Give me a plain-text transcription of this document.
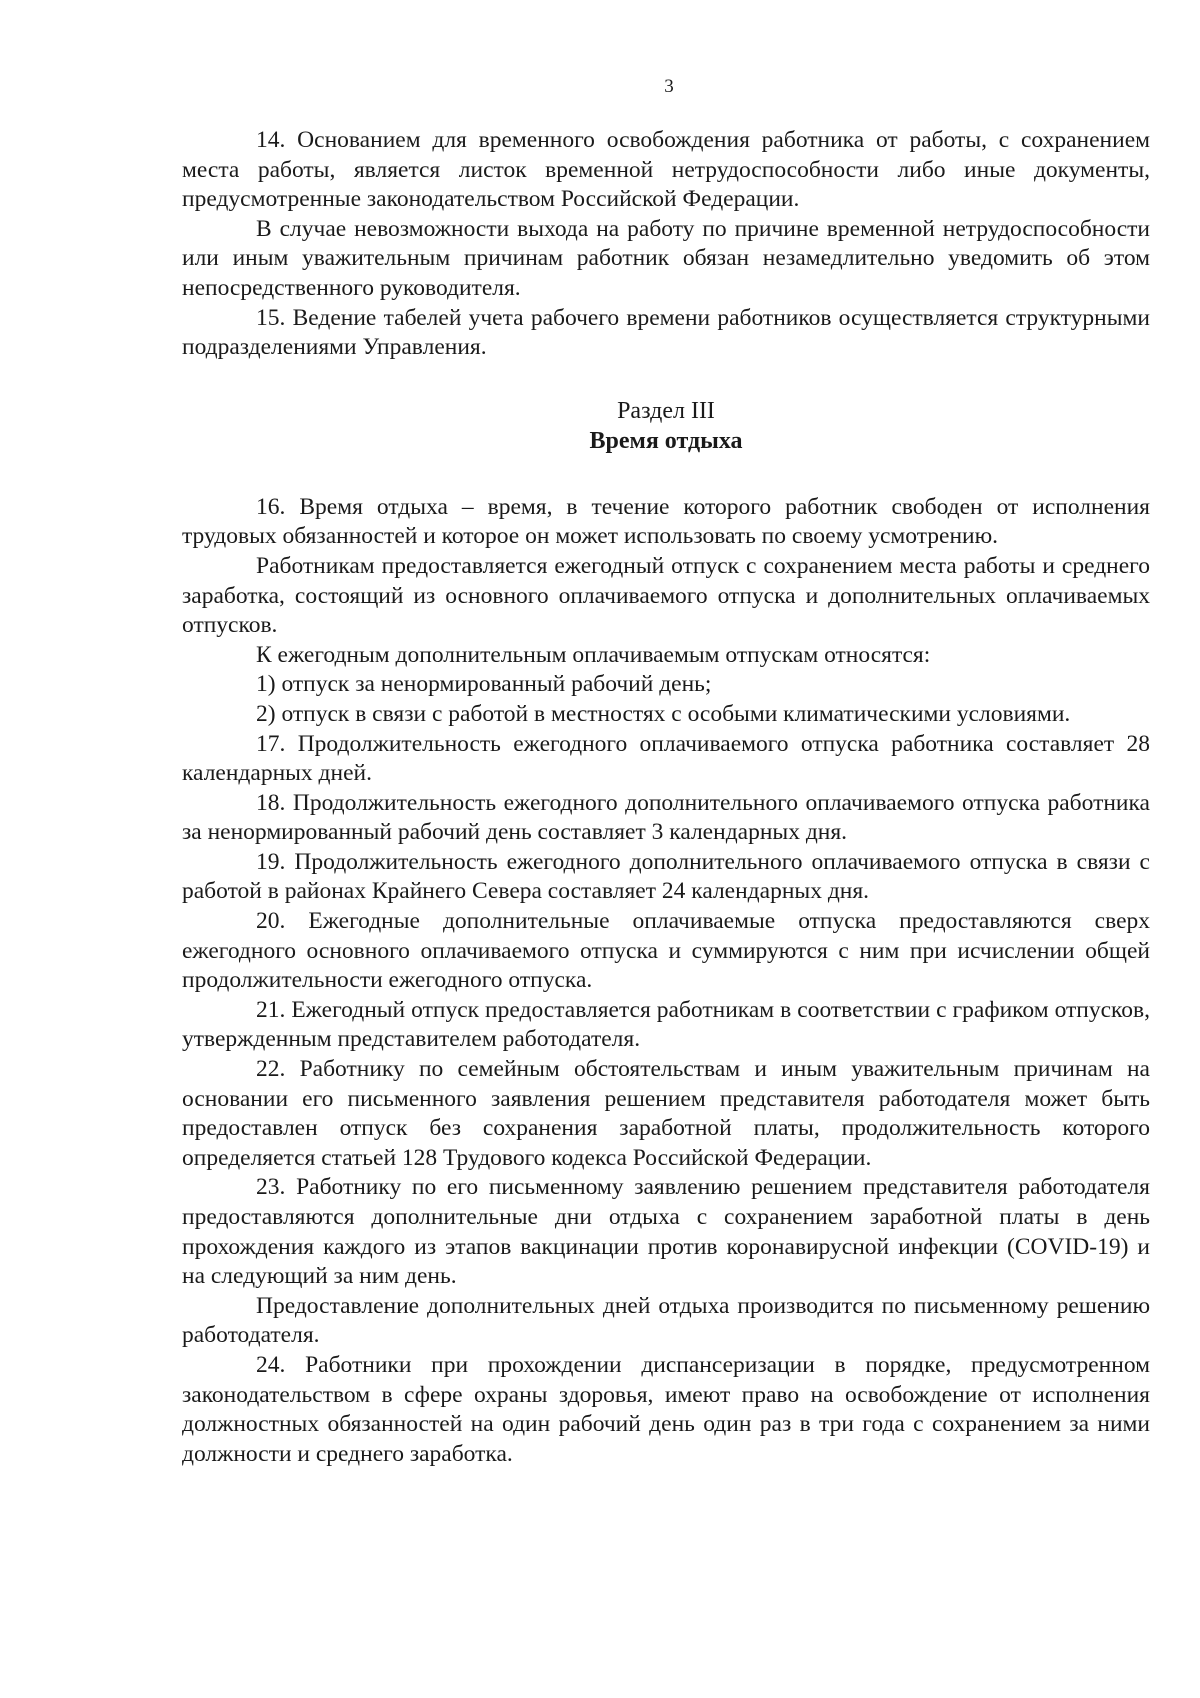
3

14. Основанием для временного освобождения работника от работы, с сохранением места работы, является листок временной нетрудоспособности либо иные документы, предусмотренные законодательством Российской Федерации.

В случае невозможности выхода на работу по причине временной нетрудоспособности или иным уважительным причинам работник обязан незамедлительно уведомить об этом непосредственного руководителя.

15. Ведение табелей учета рабочего времени работников осуществляется структурными подразделениями Управления.

Раздел III
Время отдыха

16. Время отдыха – время, в течение которого работник свободен от исполнения трудовых обязанностей и которое он может использовать по своему усмотрению.

Работникам предоставляется ежегодный отпуск с сохранением места работы и среднего заработка, состоящий из основного оплачиваемого отпуска и дополнительных оплачиваемых отпусков.

К ежегодным дополнительным оплачиваемым отпускам относятся:

1) отпуск за ненормированный рабочий день;

2) отпуск в связи с работой в местностях с особыми климатическими условиями.

17. Продолжительность ежегодного оплачиваемого отпуска работника составляет 28 календарных дней.

18. Продолжительность ежегодного дополнительного оплачиваемого отпуска работника за ненормированный рабочий день составляет 3 календарных дня.

19. Продолжительность ежегодного дополнительного оплачиваемого отпуска в связи с работой в районах Крайнего Севера составляет 24 календарных дня.

20. Ежегодные дополнительные оплачиваемые отпуска предоставляются сверх ежегодного основного оплачиваемого отпуска и суммируются с ним при исчислении общей продолжительности ежегодного отпуска.

21. Ежегодный отпуск предоставляется работникам в соответствии с графиком отпусков, утвержденным представителем работодателя.

22. Работнику по семейным обстоятельствам и иным уважительным причинам на основании его письменного заявления решением представителя работодателя может быть предоставлен отпуск без сохранения заработной платы, продолжительность которого определяется статьей 128 Трудового кодекса Российской Федерации.

23. Работнику по его письменному заявлению решением представителя работодателя предоставляются дополнительные дни отдыха с сохранением заработной платы в день прохождения каждого из этапов вакцинации против коронавирусной инфекции (COVID-19) и на следующий за ним день.

Предоставление дополнительных дней отдыха производится по письменному решению работодателя.

24. Работники при прохождении диспансеризации в порядке, предусмотренном законодательством в сфере охраны здоровья, имеют право на освобождение от исполнения должностных обязанностей на один рабочий день один раз в три года с сохранением за ними должности и среднего заработка.
